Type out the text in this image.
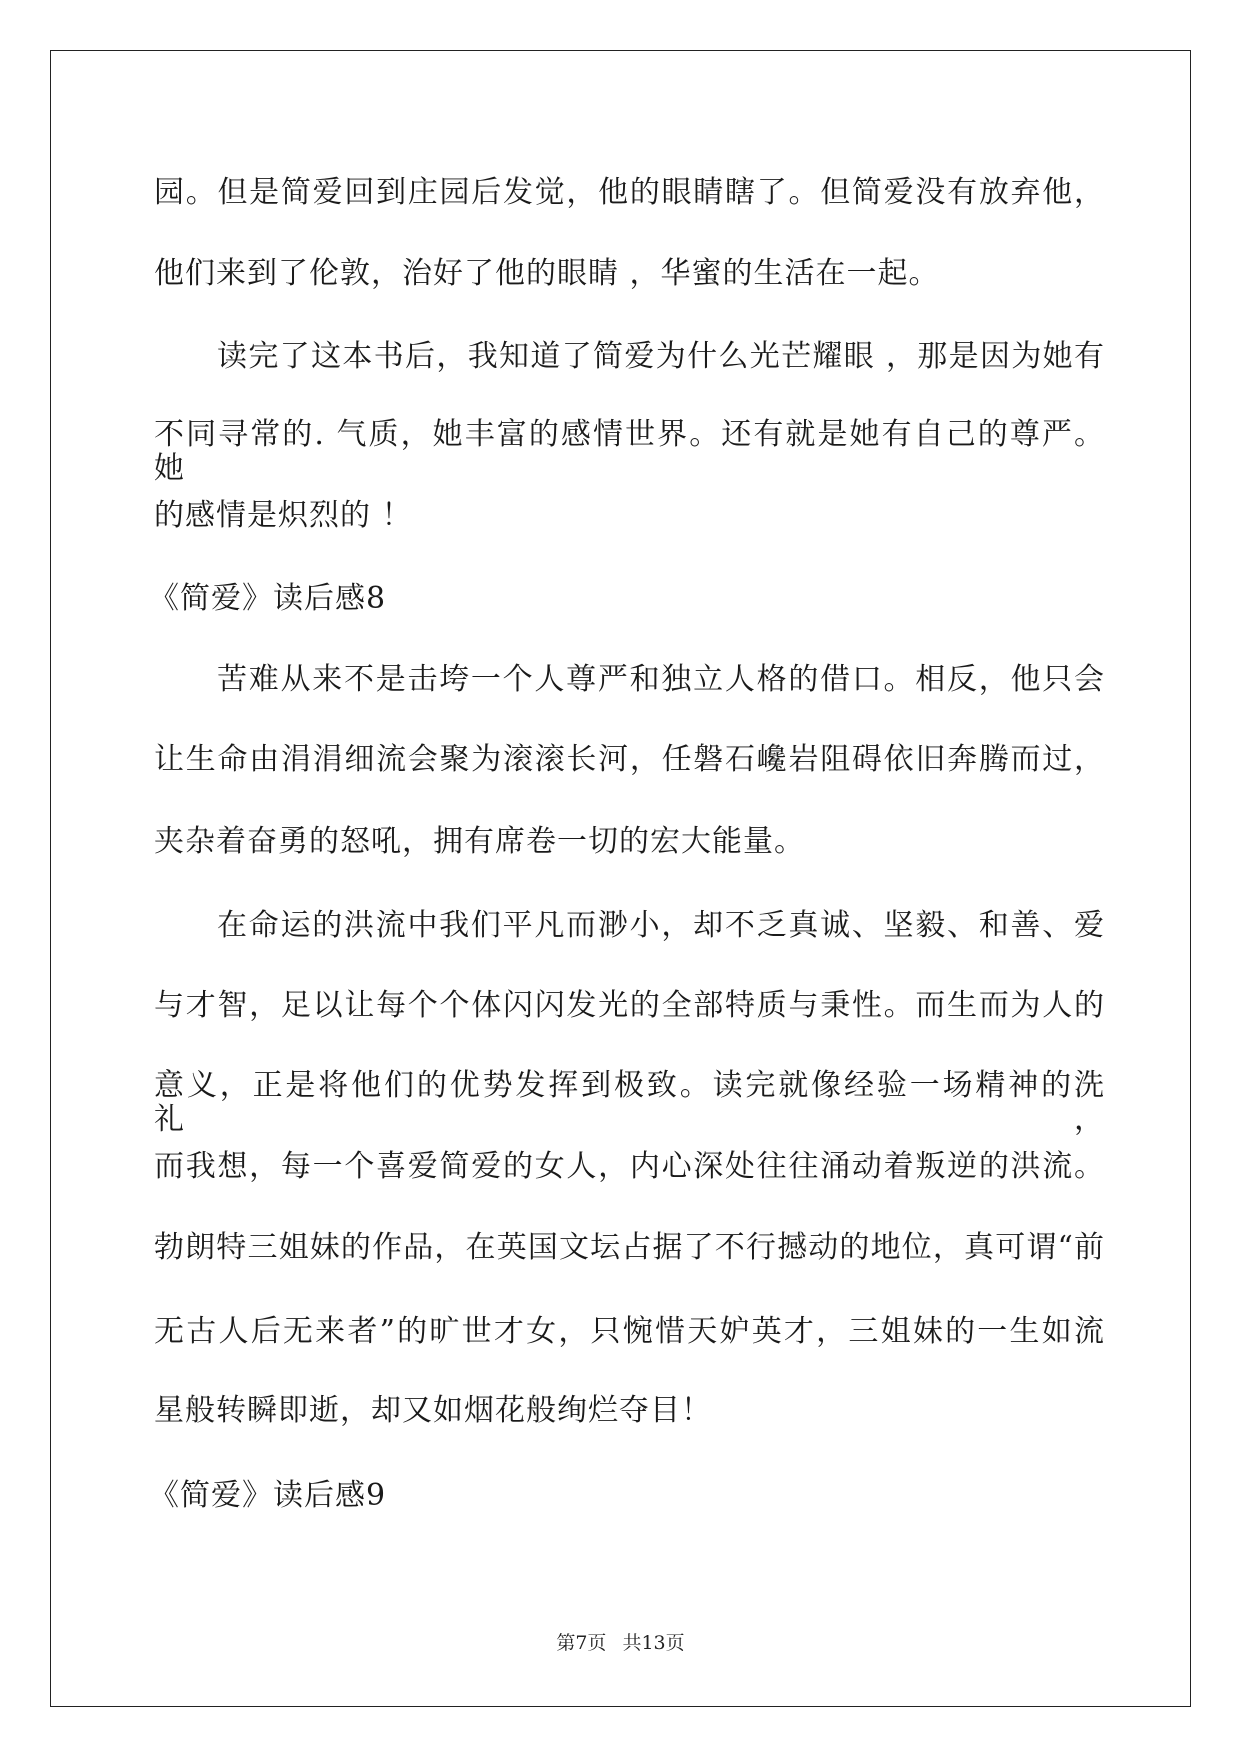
园。但是简爱回到庄园后发觉，他的眼睛瞎了。但简爱没有放弃他，
他们来到了伦敦，治好了他的眼睛 ，华蜜的生活在一起。
读完了这本书后，我知道了简爱为什么光芒耀眼 ，那是因为她有
不同寻常的. 气质，她丰富的感情世界。还有就是她有自己的尊严。她
的感情是炽烈的 ！
《简爱》读后感8
苦难从来不是击垮一个人尊严和独立人格的借口。相反，他只会
让生命由涓涓细流会聚为滚滚长河，任磐石巉岩阻碍依旧奔腾而过，
夹杂着奋勇的怒吼，拥有席卷一切的宏大能量。
在命运的洪流中我们平凡而渺小，却不乏真诚、坚毅、和善、爱
与才智，足以让每个个体闪闪发光的全部特质与秉性。而生而为人的
意义，正是将他们的优势发挥到极致。读完就像经验一场精神的洗礼，
而我想，每一个喜爱简爱的女人，内心深处往往涌动着叛逆的洪流。
勃朗特三姐妹的作品，在英国文坛占据了不行撼动的地位，真可谓“前
无古人后无来者”的旷世才女，只惋惜天妒英才，三姐妹的一生如流
星般转瞬即逝，却又如烟花般绚烂夺目！
《简爱》读后感9
第7页 共13页
